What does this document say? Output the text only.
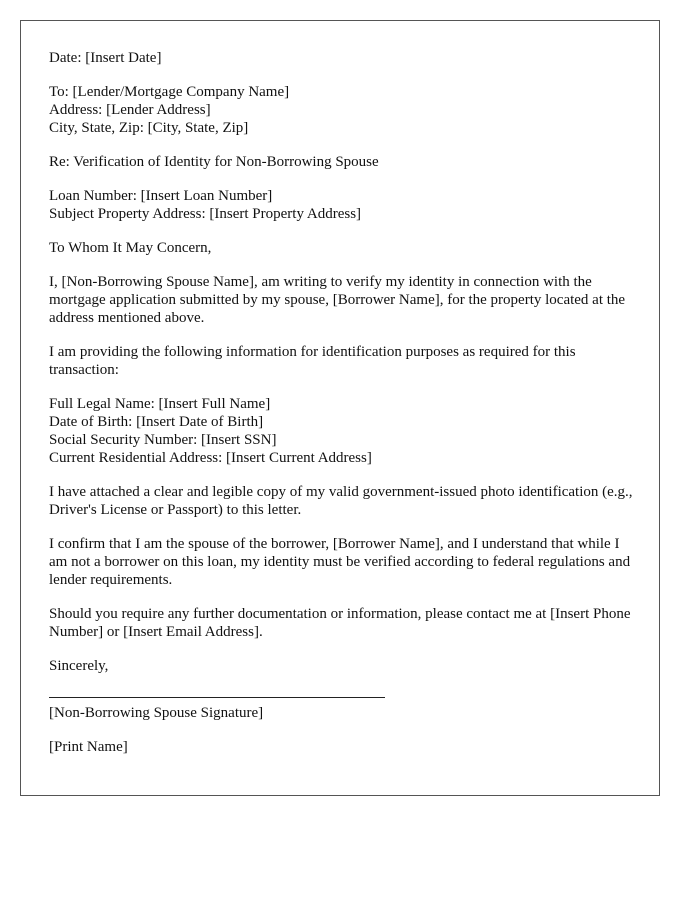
Date: [Insert Date]
To: [Lender/Mortgage Company Name]
Address: [Lender Address]
City, State, Zip: [City, State, Zip]
Re: Verification of Identity for Non-Borrowing Spouse
Loan Number: [Insert Loan Number]
Subject Property Address: [Insert Property Address]
To Whom It May Concern,
I, [Non-Borrowing Spouse Name], am writing to verify my identity in connection with the mortgage application submitted by my spouse, [Borrower Name], for the property located at the address mentioned above.
I am providing the following information for identification purposes as required for this transaction:
Full Legal Name: [Insert Full Name]
Date of Birth: [Insert Date of Birth]
Social Security Number: [Insert SSN]
Current Residential Address: [Insert Current Address]
I have attached a clear and legible copy of my valid government-issued photo identification (e.g., Driver's License or Passport) to this letter.
I confirm that I am the spouse of the borrower, [Borrower Name], and I understand that while I am not a borrower on this loan, my identity must be verified according to federal regulations and lender requirements.
Should you require any further documentation or information, please contact me at [Insert Phone Number] or [Insert Email Address].
Sincerely,
[Non-Borrowing Spouse Signature]
[Print Name]
